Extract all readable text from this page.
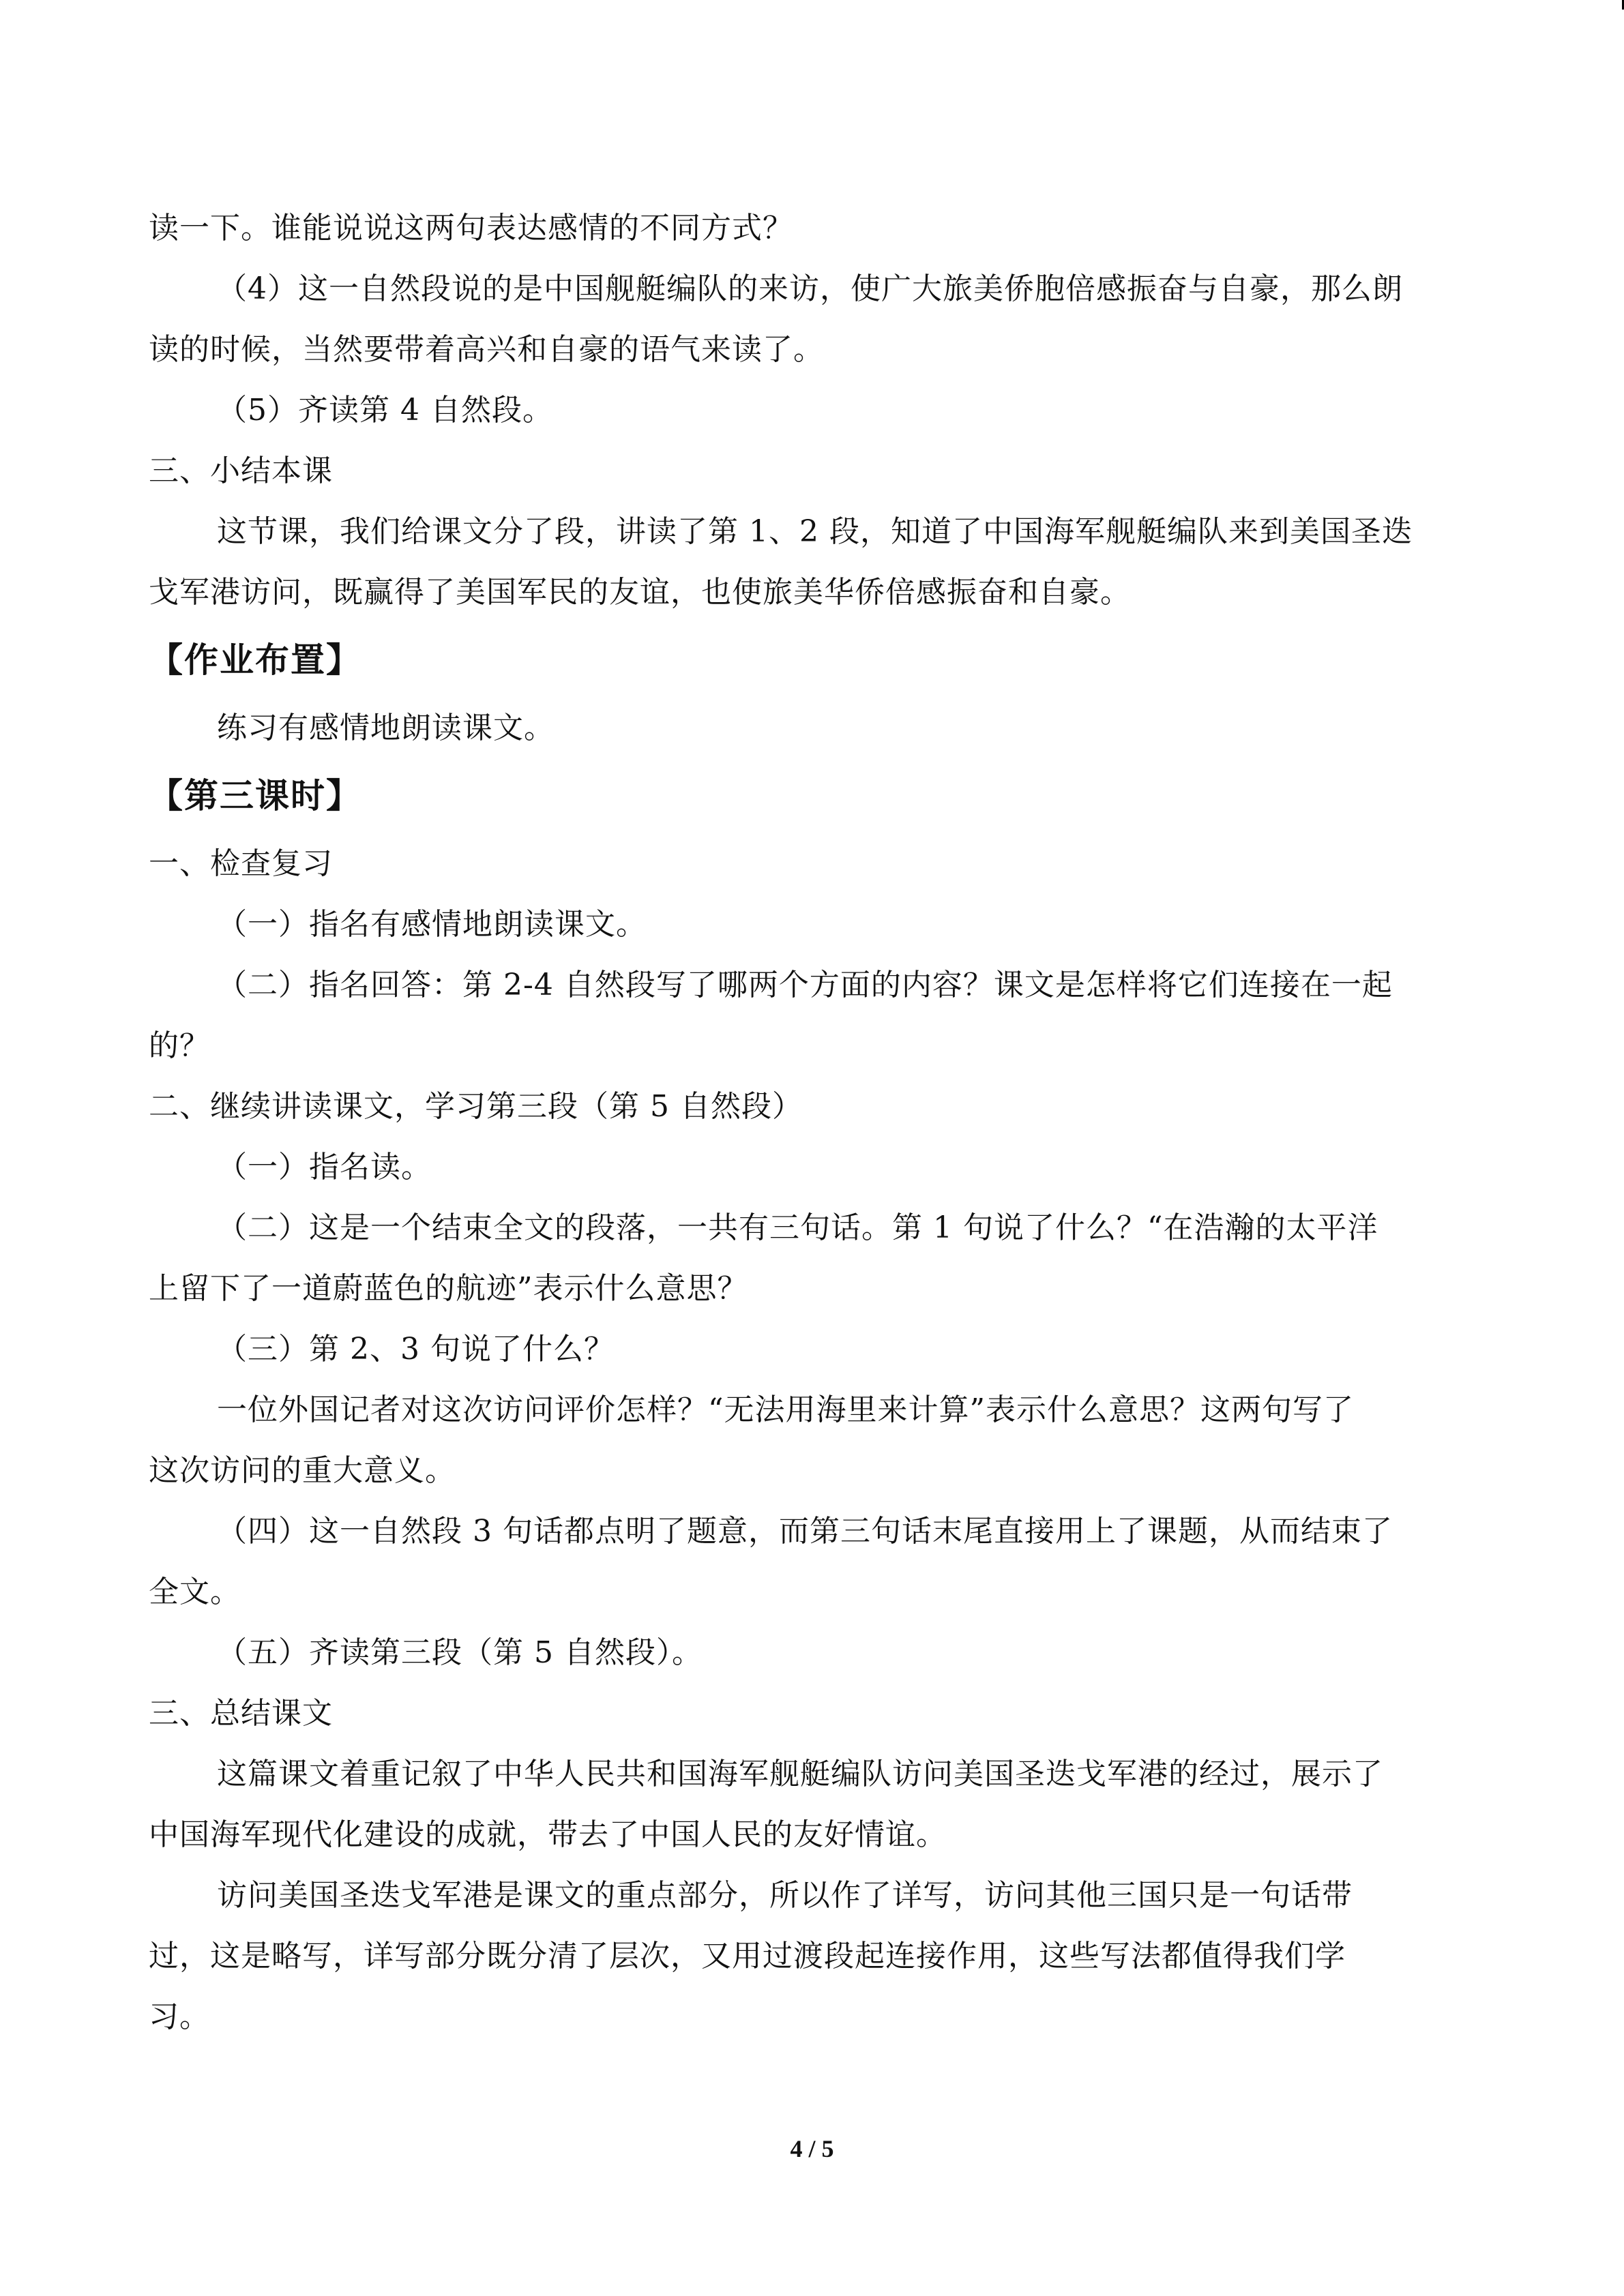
读一下。谁能说说这两句表达感情的不同方式？
（4）这一自然段说的是中国舰艇编队的来访，使广大旅美侨胞倍感振奋与自豪，那么朗
读的时候，当然要带着高兴和自豪的语气来读了。
（5）齐读第 4 自然段。
三、小结本课
这节课，我们给课文分了段，讲读了第 1、2 段，知道了中国海军舰艇编队来到美国圣迭
戈军港访问，既赢得了美国军民的友谊，也使旅美华侨倍感振奋和自豪。
【作业布置】
练习有感情地朗读课文。
【第三课时】
一、检查复习
（一）指名有感情地朗读课文。
（二）指名回答：第 2-4 自然段写了哪两个方面的内容？课文是怎样将它们连接在一起
的？
二、继续讲读课文，学习第三段（第 5 自然段）
（一）指名读。
（二）这是一个结束全文的段落，一共有三句话。第 1 句说了什么？“在浩瀚的太平洋
上留下了一道蔚蓝色的航迹”表示什么意思？
（三）第 2、3 句说了什么？
一位外国记者对这次访问评价怎样？“无法用海里来计算”表示什么意思？这两句写了
这次访问的重大意义。
（四）这一自然段 3 句话都点明了题意，而第三句话末尾直接用上了课题，从而结束了
全文。
（五）齐读第三段（第 5 自然段）。
三、总结课文
这篇课文着重记叙了中华人民共和国海军舰艇编队访问美国圣迭戈军港的经过，展示了
中国海军现代化建设的成就，带去了中国人民的友好情谊。
访问美国圣迭戈军港是课文的重点部分，所以作了详写，访问其他三国只是一句话带
过，这是略写，详写部分既分清了层次，又用过渡段起连接作用，这些写法都值得我们学
习。
4 / 5
